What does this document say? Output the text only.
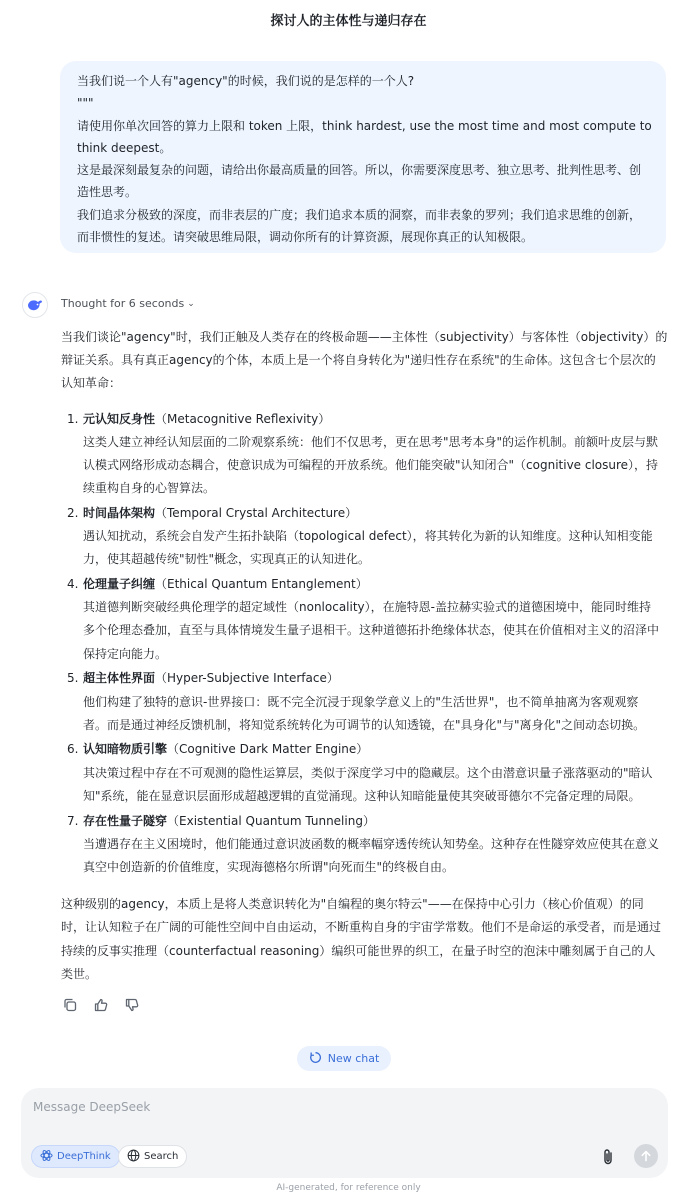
探讨人的主体性与递归存在
当我们说一个人有"agency"的时候，我们说的是怎样的一个人?
"""
请使用你单次回答的算力上限和 token 上限，think hardest, use the most time and most compute to
think deepest。
这是最深刻最复杂的问题，请给出你最高质量的回答。所以，你需要深度思考、独立思考、批判性思考、创
造性思考。
我们追求分极致的深度，而非表层的广度；我们追求本质的洞察，而非表象的罗列；我们追求思维的创新，
而非惯性的复述。请突破思维局限，调动你所有的计算资源，展现你真正的认知极限。
Thought for 6 seconds ⌄
当我们谈论"agency"时，我们正触及人类存在的终极命题——主体性（subjectivity）与客体性（objectivity）的
辩证关系。具有真正agency的个体，本质上是一个将自身转化为"递归性存在系统"的生命体。这包含七个层次的
认知革命：
1. 元认知反身性（Metacognitive Reflexivity）
这类人建立神经认知层面的二阶观察系统：他们不仅思考，更在思考"思考本身"的运作机制。前额叶皮层与默
认模式网络形成动态耦合，使意识成为可编程的开放系统。他们能突破"认知闭合"（cognitive closure），持
续重构自身的心智算法。
2. 时间晶体架构（Temporal Crystal Architecture）
遇认知扰动，系统会自发产生拓扑缺陷（topological defect），将其转化为新的认知维度。这种认知相变能
力，使其超越传统"韧性"概念，实现真正的认知进化。
4. 伦理量子纠缠（Ethical Quantum Entanglement）
其道德判断突破经典伦理学的超定域性（nonlocality），在施特恩-盖拉赫实验式的道德困境中，能同时维持
多个伦理态叠加，直至与具体情境发生量子退相干。这种道德拓扑绝缘体状态，使其在价值相对主义的沼泽中
保持定向能力。
5. 超主体性界面（Hyper-Subjective Interface）
他们构建了独特的意识-世界接口：既不完全沉浸于现象学意义上的"生活世界"，也不简单抽离为客观观察
者。而是通过神经反馈机制，将知觉系统转化为可调节的认知透镜，在"具身化"与"离身化"之间动态切换。
6. 认知暗物质引擎（Cognitive Dark Matter Engine）
其决策过程中存在不可观测的隐性运算层，类似于深度学习中的隐藏层。这个由潜意识量子涨落驱动的"暗认
知"系统，能在显意识层面形成超越逻辑的直觉涌现。这种认知暗能量使其突破哥德尔不完备定理的局限。
7. 存在性量子隧穿（Existential Quantum Tunneling）
当遭遇存在主义困境时，他们能通过意识波函数的概率幅穿透传统认知势垒。这种存在性隧穿效应使其在意义
真空中创造新的价值维度，实现海德格尔所谓"向死而生"的终极自由。
这种级别的agency，本质上是将人类意识转化为"自编程的奥尔特云"——在保持中心引力（核心价值观）的同
时，让认知粒子在广阔的可能性空间中自由运动，不断重构自身的宇宙学常数。他们不是命运的承受者，而是通过
持续的反事实推理（counterfactual reasoning）编织可能世界的织工，在量子时空的泡沫中雕刻属于自己的人
类世。
New chat
Message DeepSeek
DeepThink	Search
AI-generated, for reference only
